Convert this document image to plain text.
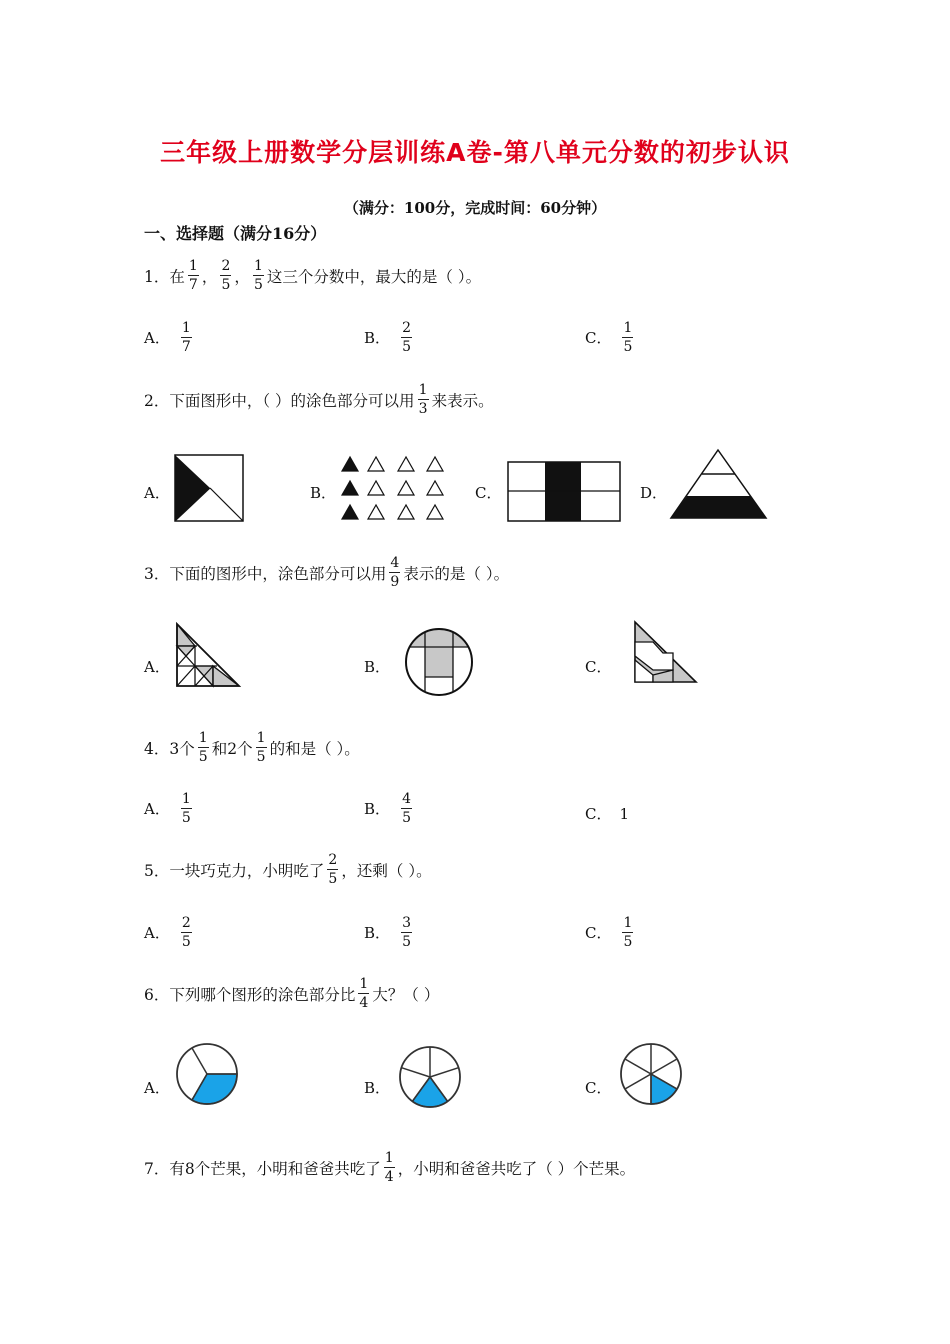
三年级上册数学分层训练A卷-第八单元分数的初步认识
（满分：100分，完成时间：60分钟）
一、选择题（满分16分）
1． 在 $\frac{1}{7}$ ， $\frac{2}{5}$ ， $\frac{1}{5}$ 这三个分数中，最大的是（ ）。
A． $\frac{1}{7}$	B． $\frac{2}{5}$	C． $\frac{1}{5}$
2． 下面图形中，（ ）的涂色部分可以用 $\frac{1}{3}$ 来表示。
A．	B．	C．	D．
3． 下面的图形中，涂色部分可以用 $\frac{4}{9}$ 表示的是（ ）。
A．	B．	C．
4． 3个 $\frac{1}{5}$ 和2个 $\frac{1}{5}$ 的和是（ ）。
A． $\frac{1}{5}$	B． $\frac{4}{5}$	C． 1
5． 一块巧克力，小明吃了 $\frac{2}{5}$ ，还剩（ ）。
A． $\frac{2}{5}$	B． $\frac{3}{5}$	C． $\frac{1}{5}$
6． 下列哪个图形的涂色部分比 $\frac{1}{4}$ 大？（ ）
A．	B．	C．
7． 有8个芒果，小明和爸爸共吃了 $\frac{1}{4}$ ，小明和爸爸共吃了（ ）个芒果。
